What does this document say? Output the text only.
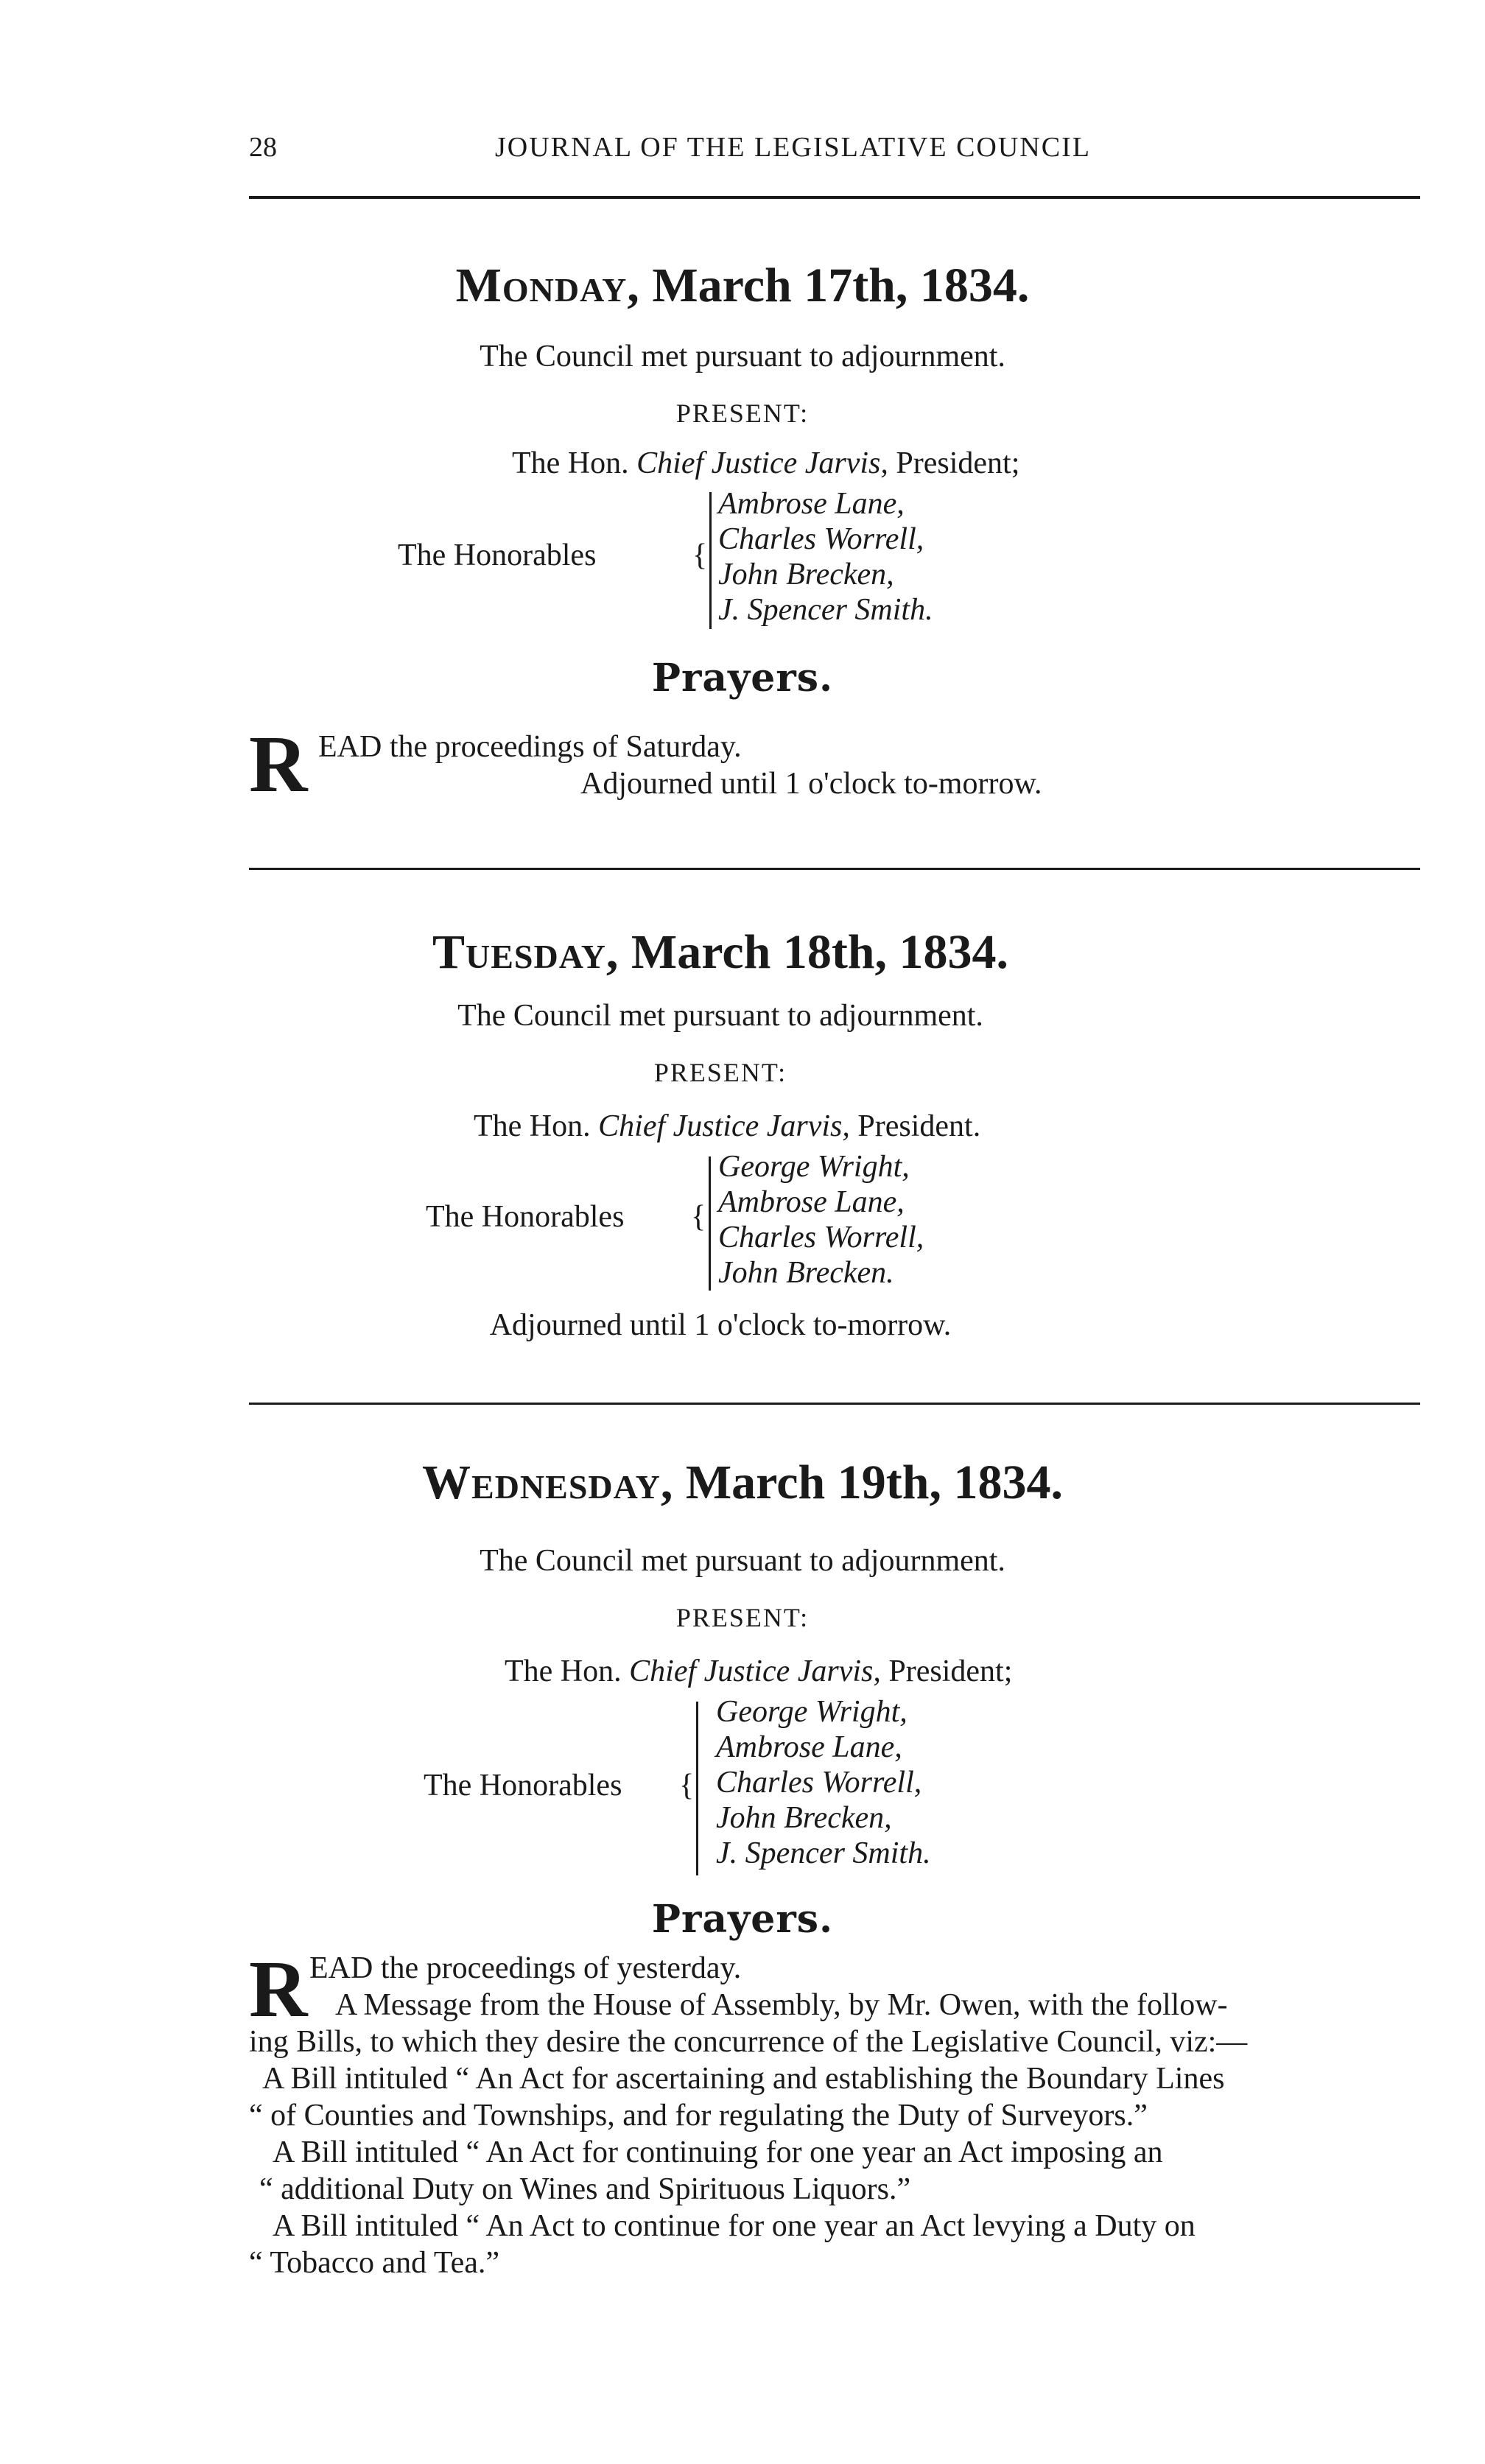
28	JOURNAL OF THE LEGISLATIVE COUNCIL
Monday, March 17th, 1834.
The Council met pursuant to adjournment.
PRESENT:
The Hon. Chief Justice Jarvis, President;
The Honorables	{
Ambrose Lane,
Charles Worrell,
John Brecken,
J. Spencer Smith.
Prayers.
R EAD the proceedings of Saturday.
Adjourned until 1 o'clock to-morrow.
Tuesday, March 18th, 1834.
The Council met pursuant to adjournment.
PRESENT:
The Hon. Chief Justice Jarvis, President.
The Honorables {
George Wright,
Ambrose Lane,
Charles Worrell,
John Brecken.
Adjourned until 1 o'clock to-morrow.
Wednesday, March 19th, 1834.
The Council met pursuant to adjournment.
PRESENT:
The Hon. Chief Justice Jarvis, President;
The Honorables {
George Wright,
Ambrose Lane,
Charles Worrell,
John Brecken,
J. Spencer Smith.
Prayers.
R EAD the proceedings of yesterday.
A Message from the House of Assembly, by Mr. Owen, with the follow-
ing Bills, to which they desire the concurrence of the Legislative Council, viz:—
A Bill intituled “ An Act for ascertaining and establishing the Boundary Lines
“ of Counties and Townships, and for regulating the Duty of Surveyors.”
A Bill intituled “ An Act for continuing for one year an Act imposing an
“ additional Duty on Wines and Spirituous Liquors.”
A Bill intituled “ An Act to continue for one year an Act levying a Duty on
“ Tobacco and Tea.”
